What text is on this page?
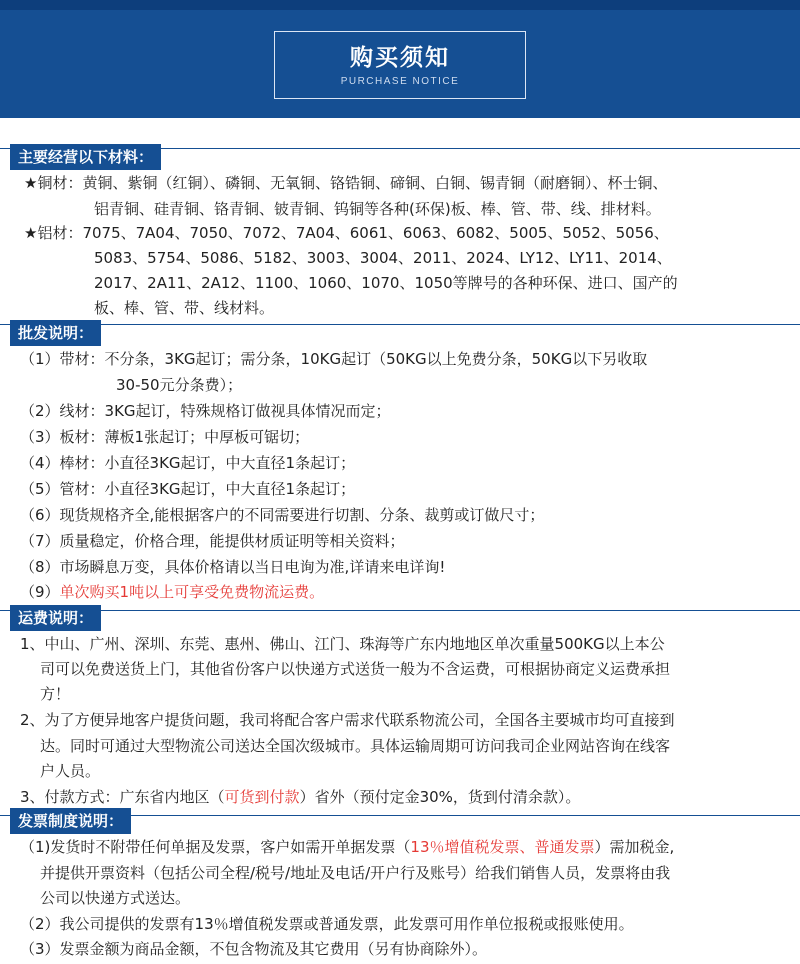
购买须知
PURCHASE NOTICE
主要经营以下材料：
★铜材：黄铜、紫铜（红铜）、磷铜、无氧铜、铬锆铜、碲铜、白铜、锡青铜（耐磨铜）、杯士铜、
铝青铜、硅青铜、铬青铜、铍青铜、钨铜等各种(环保)板、棒、管、带、线、排材料。
★铝材：7075、7A04、7050、7072、7A04、6061、6063、6082、5005、5052、5056、
5083、5754、5086、5182、3003、3004、2011、2024、LY12、LY11、2014、
2017、2A11、2A12、1100、1060、1070、1050等牌号的各种环保、进口、国产的
板、棒、管、带、线材料。
批发说明：
（1）带材：不分条，3KG起订；需分条，10KG起订（50KG以上免费分条，50KG以下另收取
30-50元分条费）；
（2）线材：3KG起订，特殊规格订做视具体情况而定；
（3）板材：薄板1张起订；中厚板可锯切；
（4）棒材：小直径3KG起订，中大直径1条起订；
（5）管材：小直径3KG起订，中大直径1条起订；
（6）现货规格齐全,能根据客户的不同需要进行切割、分条、裁剪或订做尺寸；
（7）质量稳定，价格合理，能提供材质证明等相关资料；
（8）市场瞬息万变，具体价格请以当日电询为准,详请来电详询!
（9）单次购买1吨以上可享受免费物流运费。
运费说明：
1、中山、广州、深圳、东莞、惠州、佛山、江门、珠海等广东内地地区单次重量500KG以上本公
司可以免费送货上门，其他省份客户以快递方式送货一般为不含运费，可根据协商定义运费承担
方！
2、为了方便异地客户提货问题，我司将配合客户需求代联系物流公司，全国各主要城市均可直接到
达。同时可通过大型物流公司送达全国次级城市。具体运输周期可访问我司企业网站咨询在线客
户人员。
3、付款方式：广东省内地区（可货到付款）省外（预付定金30%，货到付清余款）。
发票制度说明：
（1)发货时不附带任何单据及发票，客户如需开单据发票（13％增值税发票、普通发票）需加税金,
并提供开票资料（包括公司全程/税号/地址及电话/开户行及账号）给我们销售人员，发票将由我
公司以快递方式送达。
（2）我公司提供的发票有13％增值税发票或普通发票，此发票可用作单位报税或报账使用。
（3）发票金额为商品金额，不包含物流及其它费用（另有协商除外）。
